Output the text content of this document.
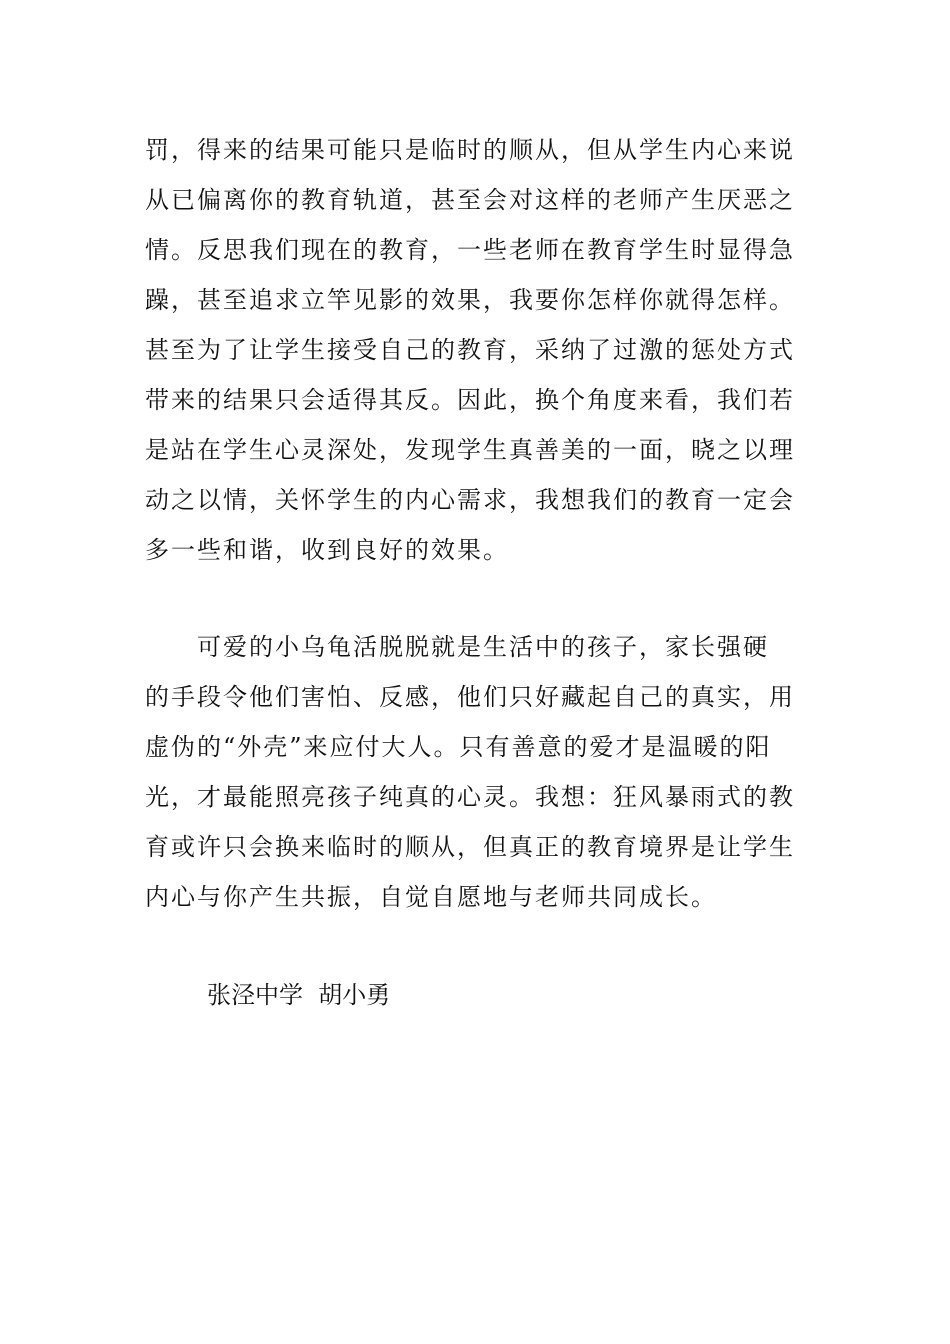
罚，得来的结果可能只是临时的顺从，但从学生内心来说
从已偏离你的教育轨道，甚至会对这样的老师产生厌恶之
情。反思我们现在的教育，一些老师在教育学生时显得急
躁，甚至追求立竿见影的效果，我要你怎样你就得怎样。
甚至为了让学生接受自己的教育，采纳了过激的惩处方式
带来的结果只会适得其反。因此，换个角度来看，我们若
是站在学生心灵深处，发现学生真善美的一面，晓之以理
动之以情，关怀学生的内心需求，我想我们的教育一定会
多一些和谐，收到良好的效果。
　　可爱的小乌龟活脱脱就是生活中的孩子，家长强硬
的手段令他们害怕、反感，他们只好藏起自己的真实，用
虚伪的“外壳”来应付大人。只有善意的爱才是温暖的阳
光，才最能照亮孩子纯真的心灵。我想：狂风暴雨式的教
育或许只会换来临时的顺从，但真正的教育境界是让学生
内心与你产生共振，自觉自愿地与老师共同成长。
张泾中学  胡小勇
